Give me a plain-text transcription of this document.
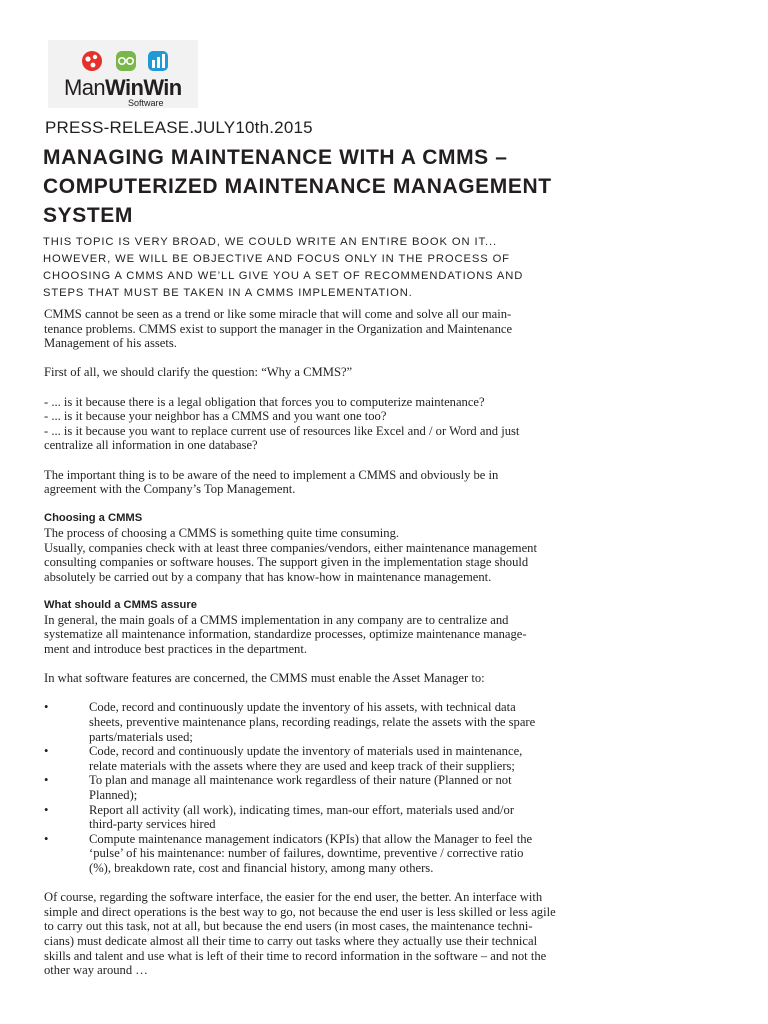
ManWinWin
Software
PRESS-RELEASE.JULY10th.2015
MANAGING MAINTENANCE WITH A CMMS –
COMPUTERIZED MAINTENANCE MANAGEMENT
SYSTEM
THIS TOPIC IS VERY BROAD, WE COULD WRITE AN ENTIRE BOOK ON IT...
HOWEVER, WE WILL BE OBJECTIVE AND FOCUS ONLY IN THE PROCESS OF
CHOOSING A CMMS AND WE’LL GIVE YOU A SET OF RECOMMENDATIONS AND
STEPS THAT MUST BE TAKEN IN A CMMS IMPLEMENTATION.

CMMS cannot be seen as a trend or like some miracle that will come and solve all our main-
tenance problems. CMMS exist to support the manager in the Organization and Maintenance
Management of his assets.

First of all, we should clarify the question: “Why a CMMS?”

- ... is it because there is a legal obligation that forces you to computerize maintenance?
- ... is it because your neighbor has a CMMS and you want one too?
- ... is it because you want to replace current use of resources like Excel and / or Word and just
centralize all information in one database?

The important thing is to be aware of the need to implement a CMMS and obviously be in
agreement with the Company’s Top Management.

Choosing a CMMS

The process of choosing a CMMS is something quite time consuming.
Usually, companies check with at least three companies/vendors, either maintenance management
consulting companies or software houses. The support given in the implementation stage should
absolutely be carried out by a company that has know-how in maintenance management.

What should a CMMS assure

In general, the main goals of a CMMS implementation in any company are to centralize and
systematize all maintenance information, standardize processes, optimize maintenance manage-
ment and introduce best practices in the department.

In what software features are concerned, the CMMS must enable the Asset Manager to:

•	Code, record and continuously update the inventory of his assets, with technical data
sheets, preventive maintenance plans, recording readings, relate the assets with the spare
parts/materials used;
•	Code, record and continuously update the inventory of materials used in maintenance,
relate materials with the assets where they are used and keep track of their suppliers;
•	To plan and manage all maintenance work regardless of their nature (Planned or not
Planned);
•	Report all activity (all work), indicating times, man-our effort, materials used and/or
third-party services hired
•	Compute maintenance management indicators (KPIs) that allow the Manager to feel the
‘pulse’ of his maintenance: number of failures, downtime, preventive / corrective ratio
(%), breakdown rate, cost and financial history, among many others.

Of course, regarding the software interface, the easier for the end user, the better. An interface with
simple and direct operations is the best way to go, not because the end user is less skilled or less agile
to carry out this task, not at all, but because the end users (in most cases, the maintenance techni-
cians) must dedicate almost all their time to carry out tasks where they actually use their technical
skills and talent and use what is left of their time to record information in the software – and not the
other way around …
